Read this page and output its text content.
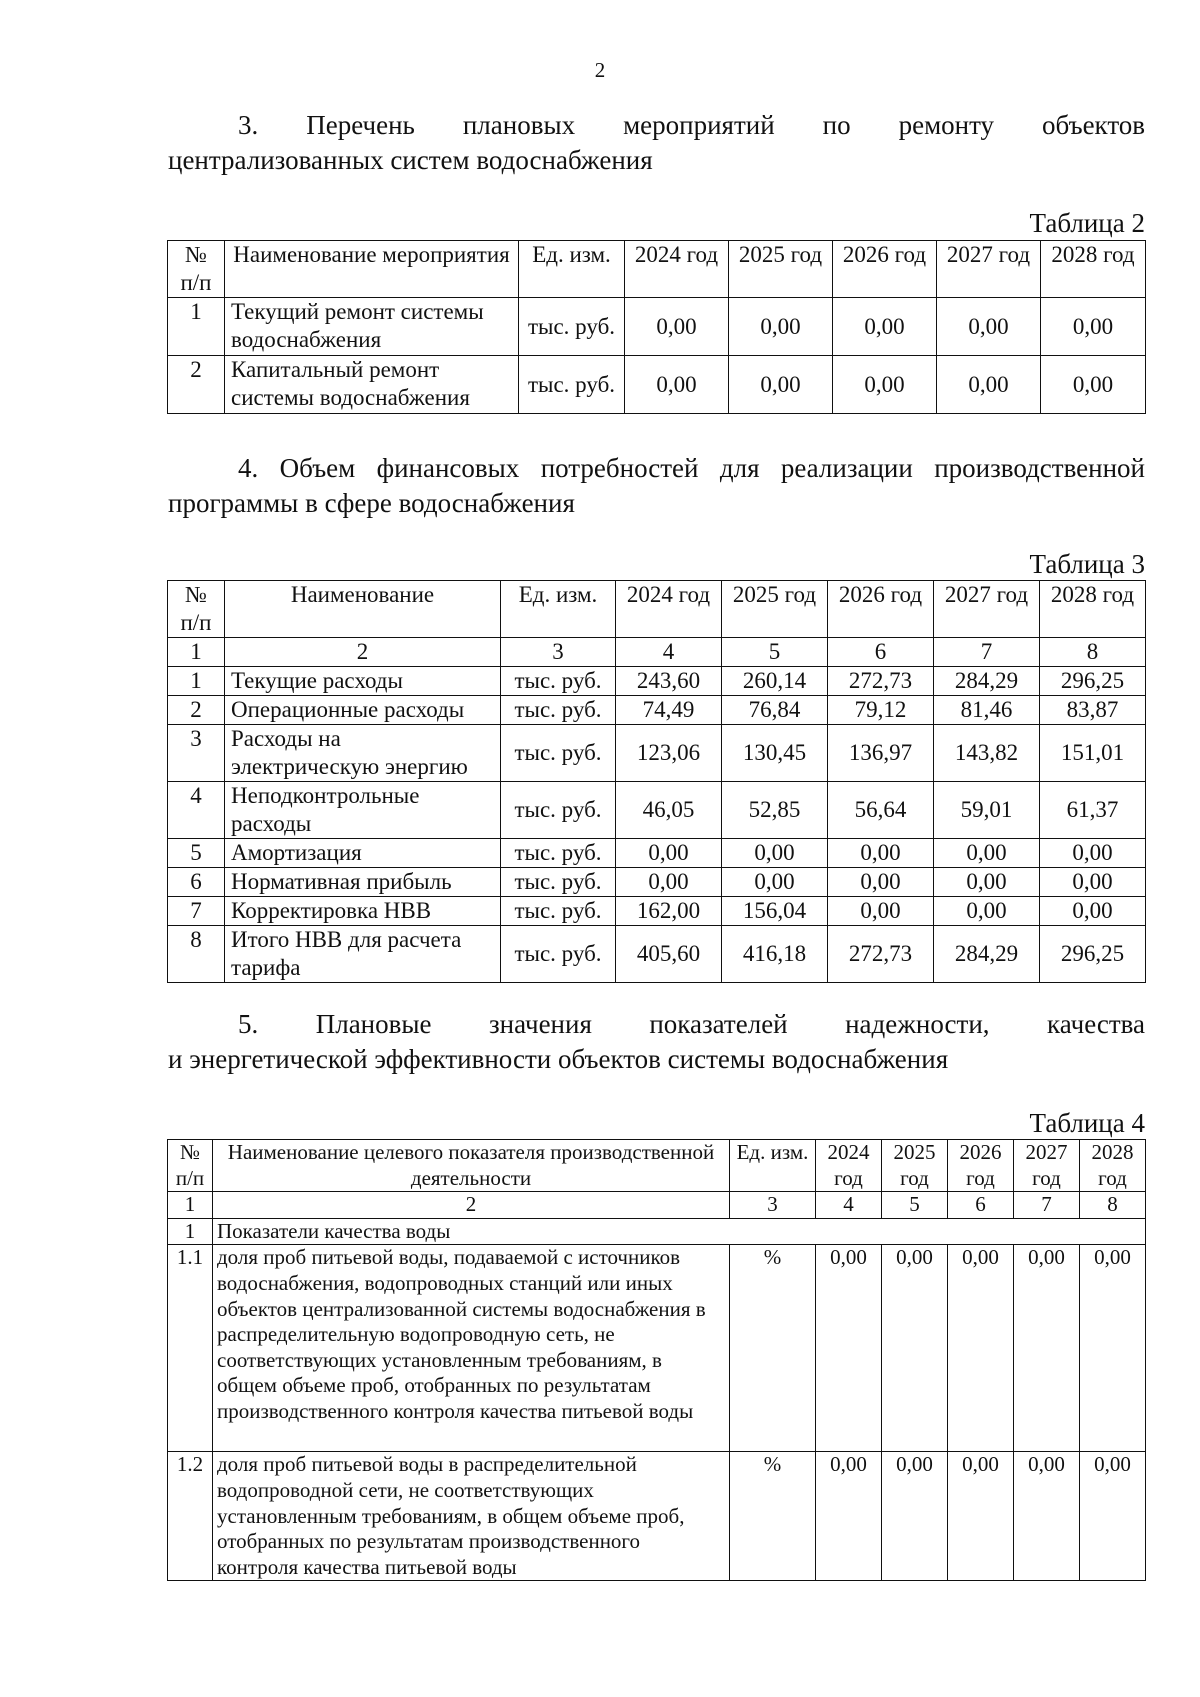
2
3. Перечень плановых мероприятий по ремонту объектов
централизованных систем водоснабжения
Таблица 2
№ п/п	Наименование мероприятия	Ед. изм.	2024 год	2025 год	2026 год	2027 год	2028 год
1	Текущий ремонт системы водоснабжения	тыс. руб.	0,00	0,00	0,00	0,00	0,00
2	Капитальный ремонт системы водоснабжения	тыс. руб.	0,00	0,00	0,00	0,00	0,00
4. Объем финансовых потребностей для реализации производственной
программы в сфере водоснабжения
Таблица 3
№ п/п	Наименование	Ед. изм.	2024 год	2025 год	2026 год	2027 год	2028 год
1	2	3	4	5	6	7	8
1	Текущие расходы	тыс. руб.	243,60	260,14	272,73	284,29	296,25
2	Операционные расходы	тыс. руб.	74,49	76,84	79,12	81,46	83,87
3	Расходы на электрическую энергию	тыс. руб.	123,06	130,45	136,97	143,82	151,01
4	Неподконтрольные расходы	тыс. руб.	46,05	52,85	56,64	59,01	61,37
5	Амортизация	тыс. руб.	0,00	0,00	0,00	0,00	0,00
6	Нормативная прибыль	тыс. руб.	0,00	0,00	0,00	0,00	0,00
7	Корректировка НВВ	тыс. руб.	162,00	156,04	0,00	0,00	0,00
8	Итого НВВ для расчета тарифа	тыс. руб.	405,60	416,18	272,73	284,29	296,25
5. Плановые значения показателей надежности, качества
и энергетической эффективности объектов системы водоснабжения
Таблица 4
№ п/п	Наименование целевого показателя производственной деятельности	Ед. изм.	2024 год	2025 год	2026 год	2027 год	2028 год
1	2	3	4	5	6	7	8
1	Показатели качества воды						
1.1	доля проб питьевой воды, подаваемой с источников водоснабжения, водопроводных станций или иных объектов централизованной системы водоснабжения в распределительную водопроводную сеть, не соответствующих установленным требованиям, в общем объеме проб, отобранных по результатам производственного контроля качества питьевой воды	%	0,00	0,00	0,00	0,00	0,00
1.2	доля проб питьевой воды в распределительной водопроводной сети, не соответствующих установленным требованиям, в общем объеме проб, отобранных по результатам производственного контроля качества питьевой воды	%	0,00	0,00	0,00	0,00	0,00
